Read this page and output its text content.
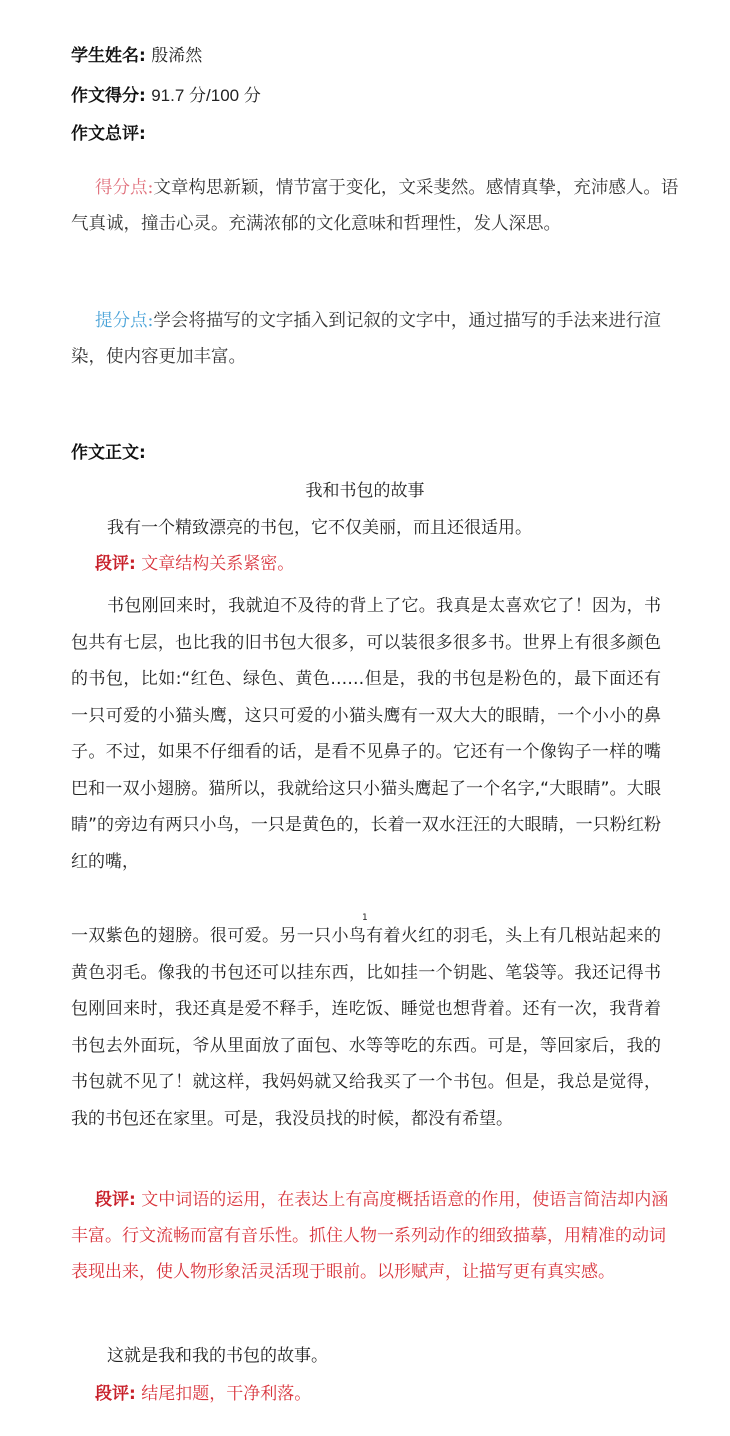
学生姓名: 殷浠然
作文得分: 91.7 分/100 分
作文总评:

得分点:文章构思新颖，情节富于变化，文采斐然。感情真挚，充沛感人。语气真诚，撞击心灵。充满浓郁的文化意味和哲理性，发人深思。

提分点:学会将描写的文字插入到记叙的文字中，通过描写的手法来进行渲染，使内容更加丰富。

作文正文:
我和书包的故事

我有一个精致漂亮的书包，它不仅美丽，而且还很适用。

段评: 文章结构关系紧密。

书包刚回来时，我就迫不及待的背上了它。我真是太喜欢它了！因为，书包共有七层，也比我的旧书包大很多，可以装很多很多书。世界上有很多颜色的书包，比如:“红色、绿色、黄色……但是，我的书包是粉色的，最下面还有一只可爱的小猫头鹰，这只可爱的小猫头鹰有一双大大的眼睛，一个小小的鼻子。不过，如果不仔细看的话，是看不见鼻子的。它还有一个像钩子一样的嘴巴和一双小翅膀。猫所以，我就给这只小猫头鹰起了一个名字,“大眼睛”。大眼睛”的旁边有两只小鸟，一只是黄色的，长着一双水汪汪的大眼睛，一只粉红粉红的嘴，

1

一双紫色的翅膀。很可爱。另一只小鸟有着火红的羽毛，头上有几根站起来的黄色羽毛。像我的书包还可以挂东西，比如挂一个钥匙、笔袋等。我还记得书包刚回来时，我还真是爱不释手，连吃饭、睡觉也想背着。还有一次，我背着书包去外面玩，爷从里面放了面包、水等等吃的东西。可是，等回家后，我的书包就不见了！就这样，我妈妈就又给我买了一个书包。但是，我总是觉得，我的书包还在家里。可是，我没员找的时候，都没有希望。

段评: 文中词语的运用，在表达上有高度概括语意的作用，使语言简洁却内涵丰富。行文流畅而富有音乐性。抓住人物一系列动作的细致描摹，用精准的动词表现出来，使人物形象活灵活现于眼前。以形赋声，让描写更有真实感。

这就是我和我的书包的故事。

段评: 结尾扣题，干净利落。
